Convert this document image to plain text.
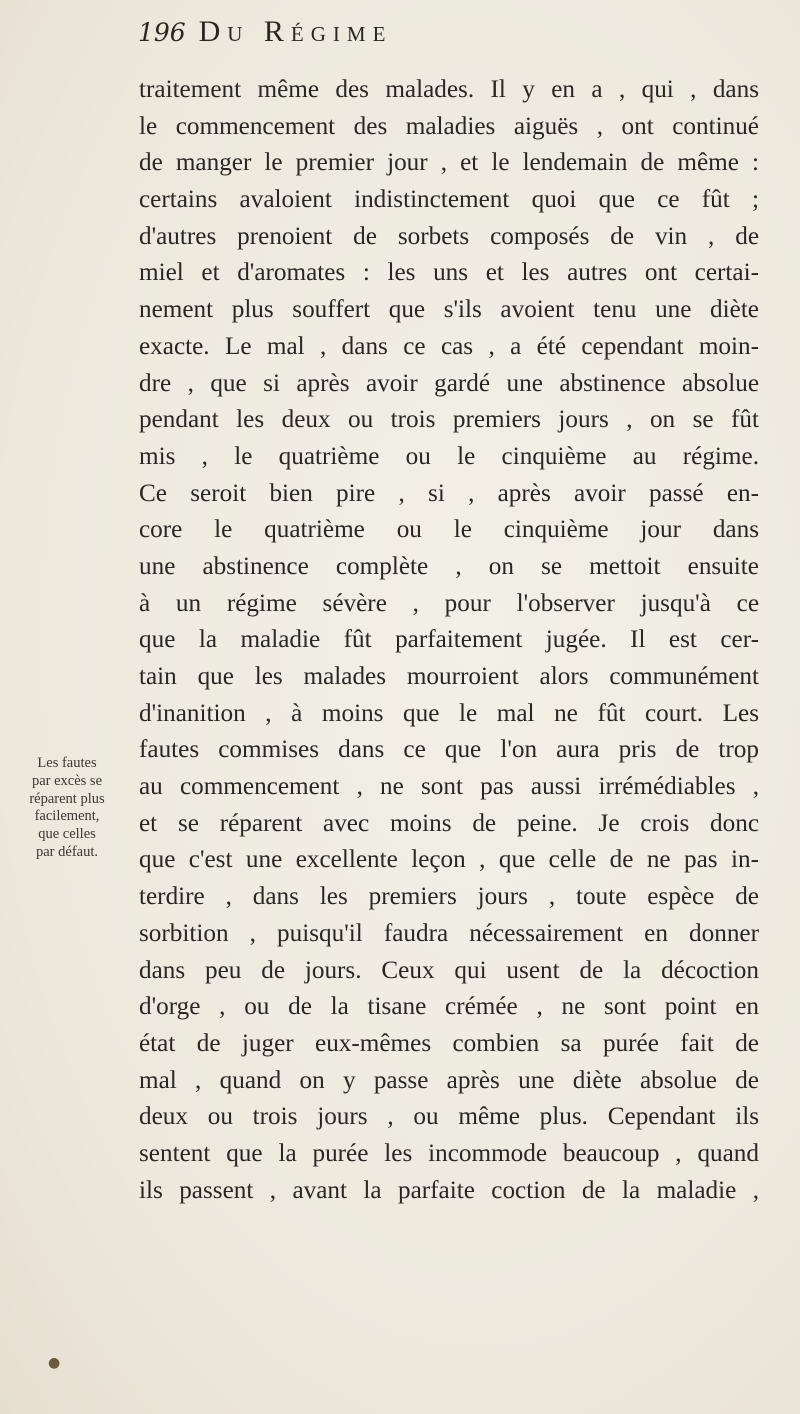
196 Du Régime
Les fautes
par excès se
réparent plus
facilement,
que celles
par défaut.
traitement même des malades. Il y en a , qui , dans
le commencement des maladies aiguës , ont continué
de manger le premier jour , et le lendemain de même :
certains avaloient indistinctement quoi que ce fût ;
d'autres prenoient de sorbets composés de vin , de
miel et d'aromates : les uns et les autres ont certai-
nement plus souffert que s'ils avoient tenu une diète
exacte. Le mal , dans ce cas , a été cependant moin-
dre , que si après avoir gardé une abstinence absolue
pendant les deux ou trois premiers jours , on se fût
mis , le quatrième ou le cinquième au régime.
Ce seroit bien pire , si , après avoir passé en-
core le quatrième ou le cinquième jour dans
une abstinence complète , on se mettoit ensuite
à un régime sévère , pour l'observer jusqu'à ce
que la maladie fût parfaitement jugée. Il est cer-
tain que les malades mourroient alors communément
d'inanition , à moins que le mal ne fût court. Les
fautes commises dans ce que l'on aura pris de trop
au commencement , ne sont pas aussi irrémédiables ,
et se réparent avec moins de peine. Je crois donc
que c'est une excellente leçon , que celle de ne pas in-
terdire , dans les premiers jours , toute espèce de
sorbition , puisqu'il faudra nécessairement en donner
dans peu de jours. Ceux qui usent de la décoction
d'orge , ou de la tisane crémée , ne sont point en
état de juger eux-mêmes combien sa purée fait de
mal , quand on y passe après une diète absolue de
deux ou trois jours , ou même plus. Cependant ils
sentent que la purée les incommode beaucoup , quand
ils passent , avant la parfaite coction de la maladie ,
●
